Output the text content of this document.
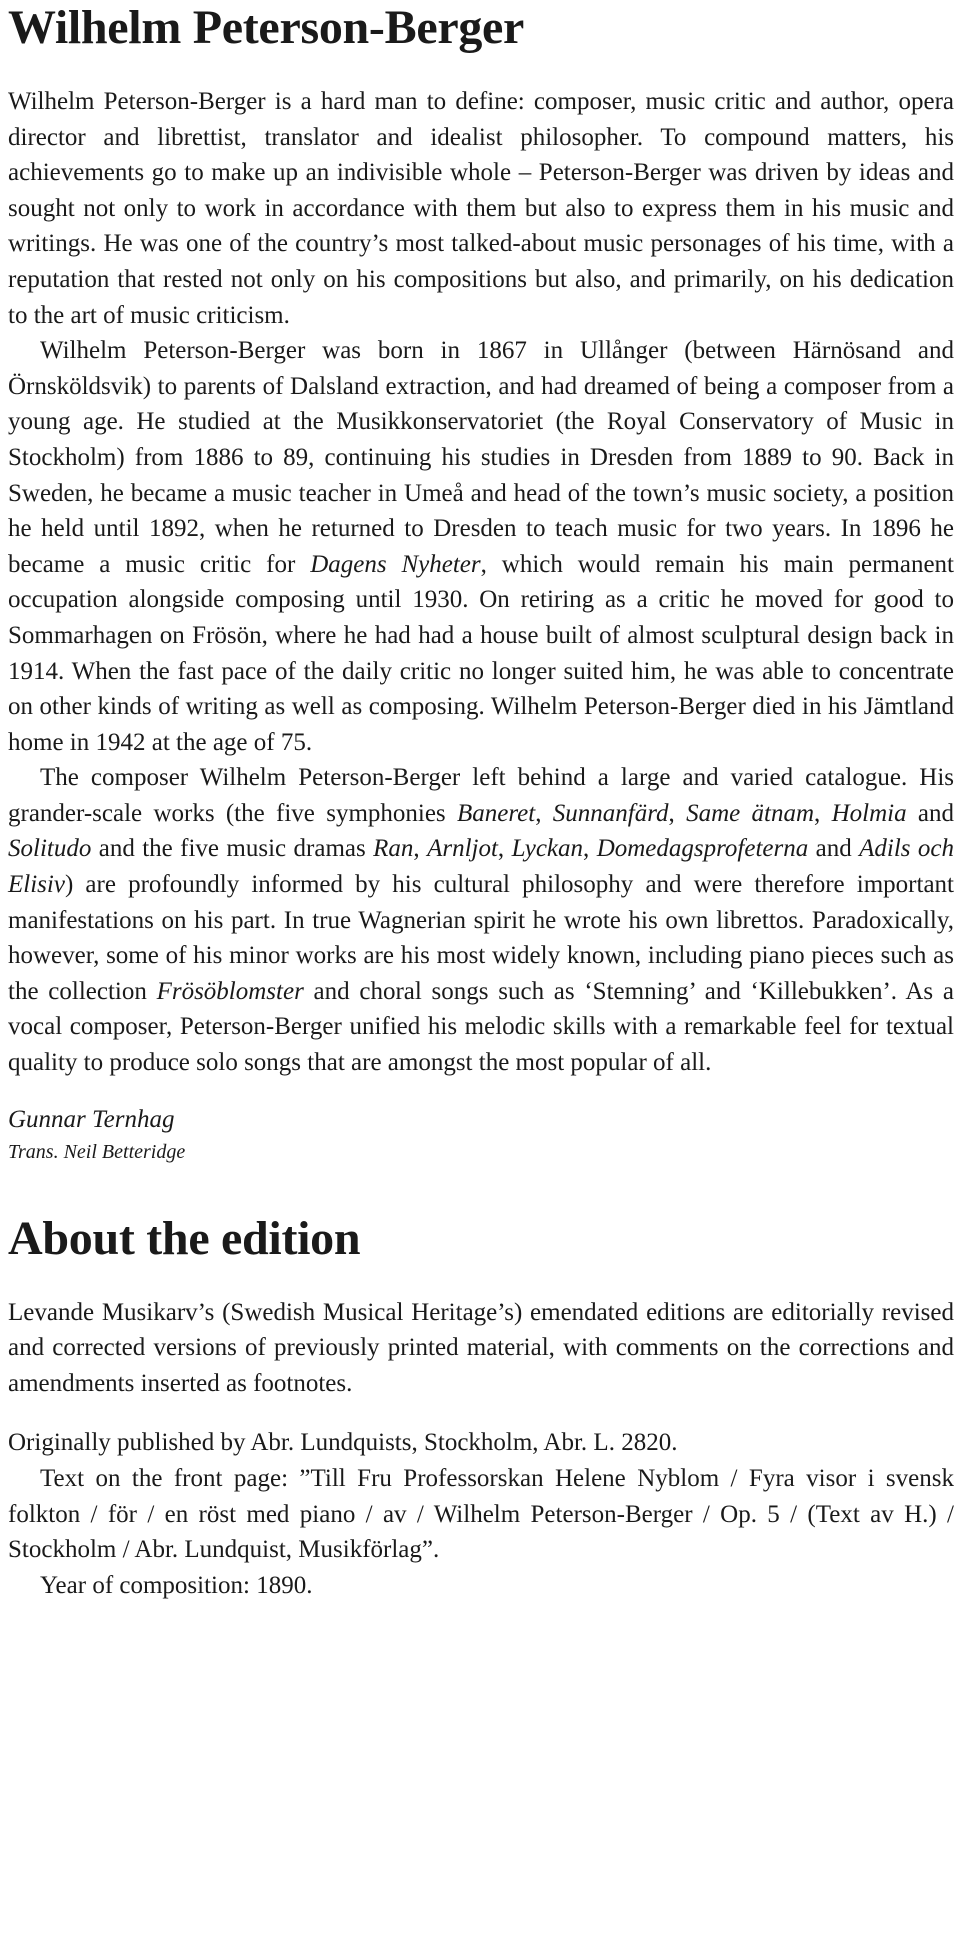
Wilhelm Peterson-Berger

Wilhelm Peterson-Berger is a hard man to define: composer, music critic and author, opera director and librettist, translator and idealist philosopher. To compound matters, his achievements go to make up an indivisible whole – Peterson-Berger was driven by ideas and sought not only to work in accordance with them but also to express them in his music and writings. He was one of the country’s most talked-about music personages of his time, with a reputation that rested not only on his compositions but also, and primarily, on his dedication to the art of music criticism.

Wilhelm Peterson-Berger was born in 1867 in Ullånger (between Härnösand and Örnsköldsvik) to parents of Dalsland extraction, and had dreamed of being a composer from a young age. He studied at the Musikkonservatoriet (the Royal Conservatory of Music in Stockholm) from 1886 to 89, continuing his studies in Dresden from 1889 to 90. Back in Sweden, he became a music teacher in Umeå and head of the town’s music society, a position he held until 1892, when he returned to Dresden to teach music for two years. In 1896 he became a music critic for Dagens Nyheter, which would remain his main permanent occupation alongside composing until 1930. On retiring as a critic he moved for good to Sommarhagen on Frösön, where he had had a house built of almost sculptural design back in 1914. When the fast pace of the daily critic no longer suited him, he was able to concentrate on other kinds of writing as well as composing. Wilhelm Peterson-Berger died in his Jämtland home in 1942 at the age of 75.

The composer Wilhelm Peterson-Berger left behind a large and varied catalogue. His grander-scale works (the five symphonies Baneret, Sunnanfärd, Same ätnam, Holmia and Solitudo and the five music dramas Ran, Arnljot, Lyckan, Domedagsprofeterna and Adils och Elisiv) are profoundly informed by his cultural philosophy and were therefore important manifestations on his part. In true Wagnerian spirit he wrote his own librettos. Paradoxically, however, some of his minor works are his most widely known, including piano pieces such as the collection Frösöblomster and choral songs such as ‘Stemning’ and ‘Killebukken’. As a vocal composer, Peterson-Berger unified his melodic skills with a remarkable feel for textual quality to produce solo songs that are amongst the most popular of all.

Gunnar Ternhag
Trans. Neil Betteridge
About the edition

Levande Musikarv’s (Swedish Musical Heritage’s) emendated editions are editorially revised and corrected versions of previously printed material, with comments on the corrections and amendments inserted as footnotes.

Originally published by Abr. Lundquists, Stockholm, Abr. L. 2820.

Text on the front page: ”Till Fru Professorskan Helene Nyblom / Fyra visor i svensk folkton / för / en röst med piano / av / Wilhelm Peterson-Berger / Op. 5 / (Text av H.) / Stockholm / Abr. Lundquist, Musikförlag”.

Year of composition: 1890.
